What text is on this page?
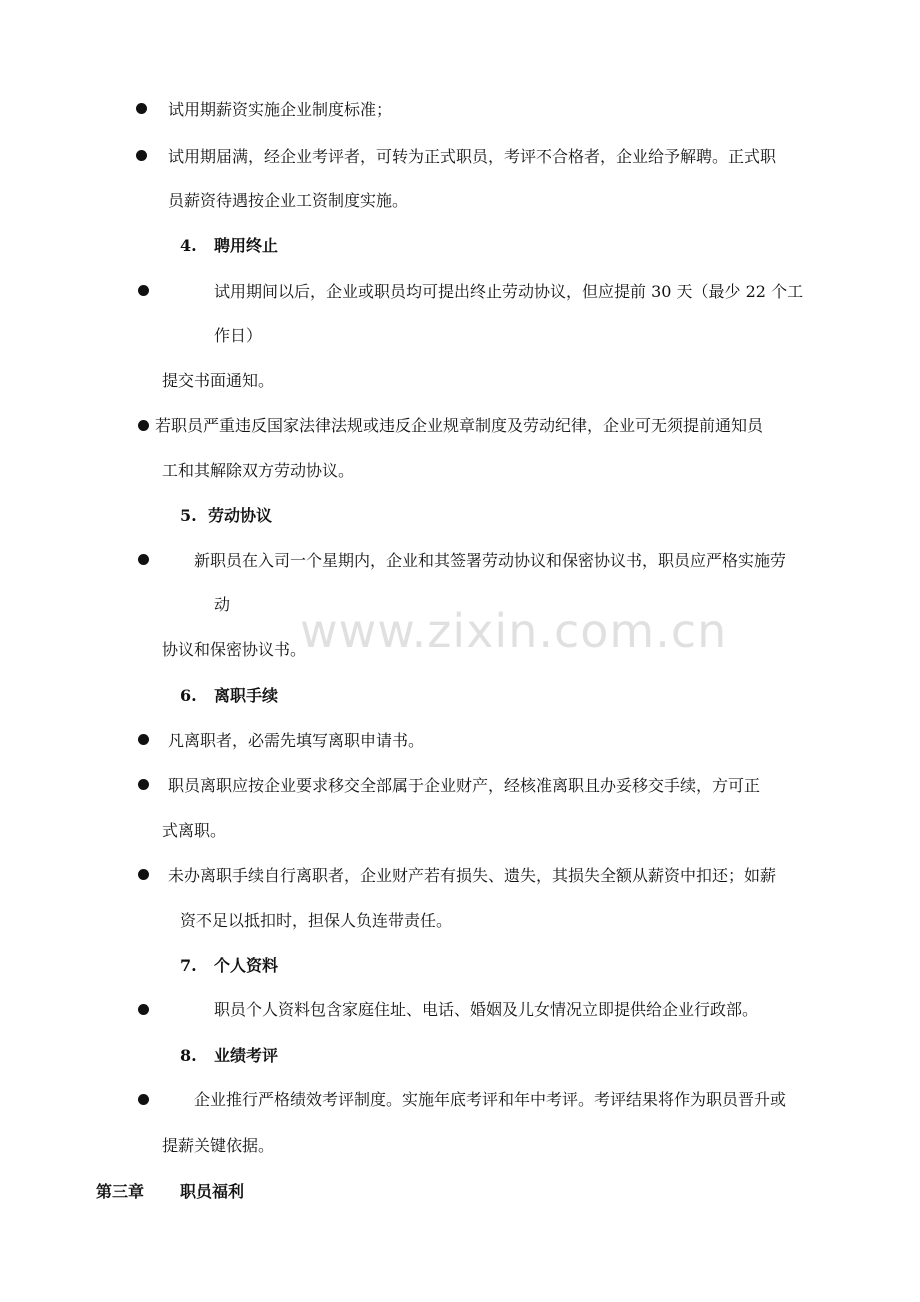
www.zixin.com.cn
试用期薪资实施企业制度标准；
试用期届满，经企业考评者，可转为正式职员，考评不合格者，企业给予解聘。正式职
员薪资待遇按企业工资制度实施。
4. 聘用终止
试用期间以后，企业或职员均可提出终止劳动协议，但应提前 30 天（最少 22 个工
作日）
提交书面通知。
若职员严重违反国家法律法规或违反企业规章制度及劳动纪律，企业可无须提前通知员
工和其解除双方劳动协议。
5. 劳动协议
新职员在入司一个星期内，企业和其签署劳动协议和保密协议书，职员应严格实施劳
动
协议和保密协议书。
6. 离职手续
凡离职者，必需先填写离职申请书。
职员离职应按企业要求移交全部属于企业财产，经核准离职且办妥移交手续，方可正
式离职。
未办离职手续自行离职者，企业财产若有损失、遗失，其损失全额从薪资中扣还；如薪
资不足以抵扣时，担保人负连带责任。
7. 个人资料
职员个人资料包含家庭住址、电话、婚姻及儿女情况立即提供给企业行政部。
8. 业绩考评
企业推行严格绩效考评制度。实施年底考评和年中考评。考评结果将作为职员晋升或
提薪关键依据。
第三章 职员福利
